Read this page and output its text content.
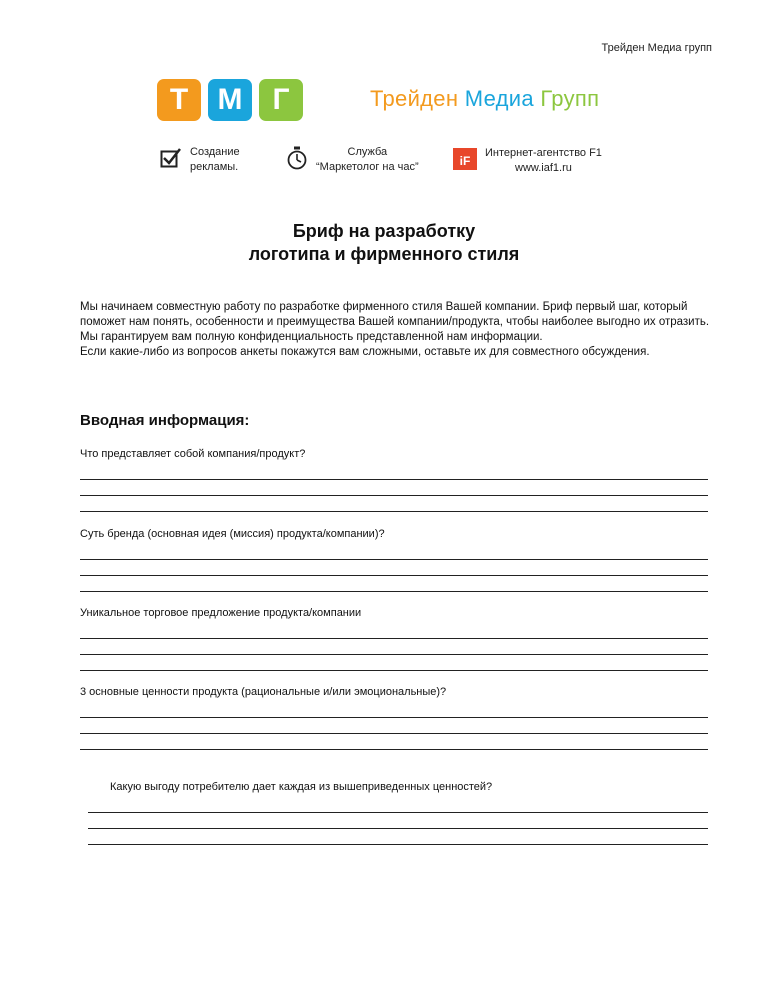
Трейден Медиа групп
Т М Г	Трейден Медиа Групп
Создание
рекламы.
Служба
“Маркетолог на час”	iF
Интернет-агентство F1
www.iaf1.ru
Бриф на разработку
логотипа и фирменного стиля

Мы начинаем совместную работу по разработке фирменного стиля Вашей компании. Бриф первый шаг, который поможет нам понять, особенности и преимущества Вашей компании/продукта, чтобы наиболее выгодно их отразить. Мы гарантируем вам полную конфиденциальность представленной нам информации.

Если какие-либо из вопросов анкеты покажутся вам сложными, оставьте их для совместного обсуждения.

Вводная информация:
Что представляет собой компания/продукт?
Суть бренда (основная идея (миссия) продукта/компании)?
Уникальное торговое предложение продукта/компании
3 основные ценности продукта (рациональные и/или эмоциональные)?
Какую выгоду потребителю дает каждая из вышеприведенных ценностей?
